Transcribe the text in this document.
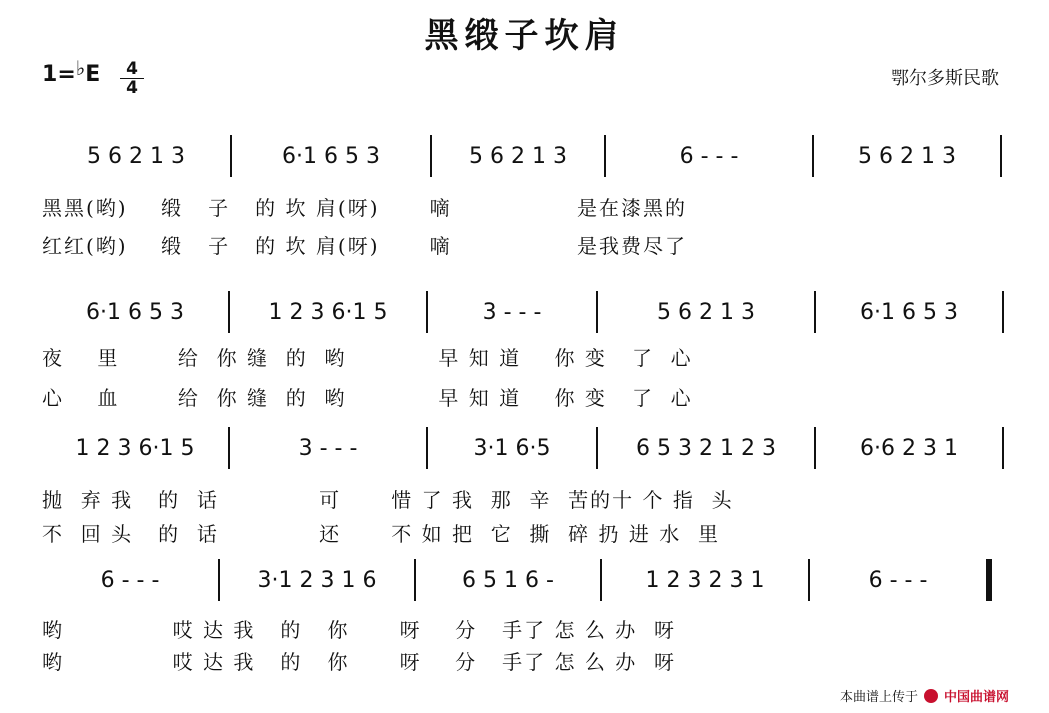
黑缎子坎肩
1=♭E	4
4	鄂尔多斯民歌
5 6 2 1 3	6·1 6 5 3	5 6 2 1 3	6 - - -	5 6 2 1 3
黑黑(哟)    缎   子   的 坎 肩(呀)      嘀               是在漆黑的
红红(哟)    缎   子   的 坎 肩(呀)      嘀               是我费尽了
6·1 6 5 3	1 2 3 6·1 5	3 - - -	5 6 2 1 3	6·1 6 5 3
夜    里       给  你 缝  的  哟           早 知 道    你 变   了  心
心    血       给  你 缝  的  哟           早 知 道    你 变   了  心
1 2 3 6·1 5	3 - - -	3·1 6·5	6 5 3 2 1 2 3	6·6 2 3 1
抛  弃 我   的  话            可      惜 了 我  那  辛  苦的十 个 指  头
不  回 头   的  话            还      不 如 把  它  撕  碎 扔 进 水  里
6 - - -	3·1 2 3 1 6	6 5 1 6 -	1 2 3 2 3 1	6 - - -
哟             哎 达 我   的   你      呀    分   手了 怎 么 办  呀
哟             哎 达 我   的   你      呀    分   手了 怎 么 办  呀
本曲谱上传于 中国曲谱网
